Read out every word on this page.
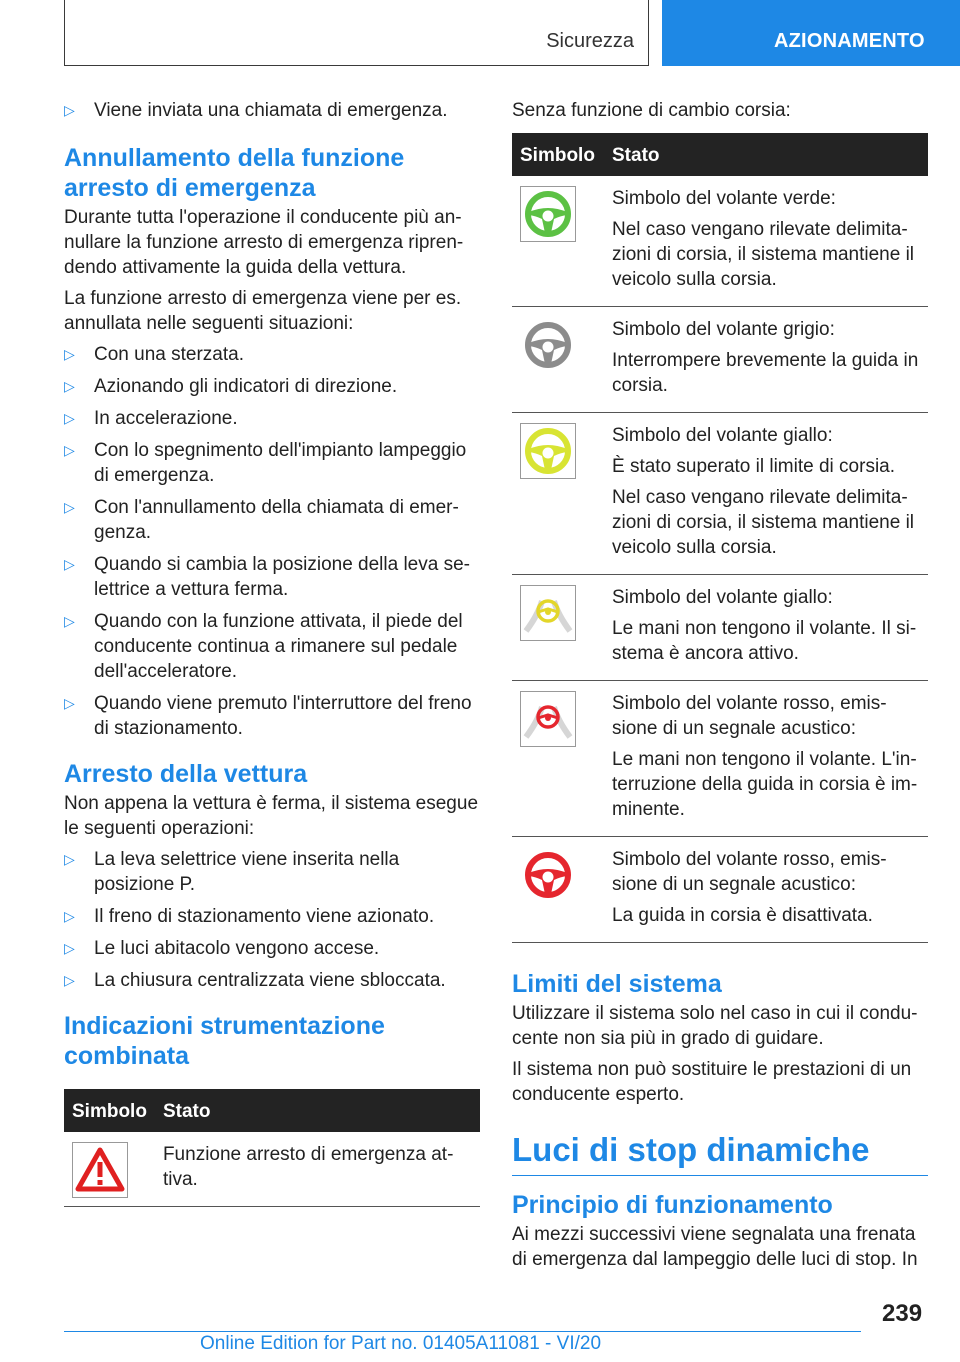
Sicurezza	AZIONAMENTO
▷ Viene inviata una chiamata di emergenza.
Annullamento della funzione arresto di emergenza

Durante tutta l'operazione il conducente più annullare la funzione arresto di emergenza riprendendo attivamente la guida della vettura.

La funzione arresto di emergenza viene per es. annullata nelle seguenti situazioni:

▷ Con una sterzata.
▷ Azionando gli indicatori di direzione.
▷ In accelerazione.
▷ Con lo spegnimento dell'impianto lampeggio di emergenza.
▷ Con l'annullamento della chiamata di emergenza.
▷ Quando si cambia la posizione della leva selettrice a vettura ferma.
▷ Quando con la funzione attivata, il piede del conducente continua a rimanere sul pedale dell'acceleratore.
▷ Quando viene premuto l'interruttore del freno di stazionamento.
Arresto della vettura

Non appena la vettura è ferma, il sistema esegue le seguenti operazioni:

▷ La leva selettrice viene inserita nella posizione P.
▷ Il freno di stazionamento viene azionato.
▷ Le luci abitacolo vengono accese.
▷ La chiusura centralizzata viene sbloccata.
Indicazioni strumentazione combinata
Simbolo	Stato

Funzione arresto di emergenza attiva.

Senza funzione di cambio corsia:

Simbolo	Stato

Simbolo del volante verde:

Nel caso vengano rilevate delimitazioni di corsia, il sistema mantiene il veicolo sulla corsia.

Simbolo del volante grigio:

Interrompere brevemente la guida in corsia.

Simbolo del volante giallo:

È stato superato il limite di corsia.

Nel caso vengano rilevate delimitazioni di corsia, il sistema mantiene il veicolo sulla corsia.

Simbolo del volante giallo:

Le mani non tengono il volante. Il sistema è ancora attivo.

Simbolo del volante rosso, emissione di un segnale acustico:

Le mani non tengono il volante. L'interruzione della guida in corsia è imminente.

Simbolo del volante rosso, emissione di un segnale acustico:

La guida in corsia è disattivata.

Limiti del sistema

Utilizzare il sistema solo nel caso in cui il conducente non sia più in grado di guidare.

Il sistema non può sostituire le prestazioni di un conducente esperto.

Luci di stop dinamiche
Principio di funzionamento

Ai mezzi successivi viene segnalata una frenata di emergenza dal lampeggio delle luci di stop. In

239
Online Edition for Part no. 01405A11081 - VI/20
